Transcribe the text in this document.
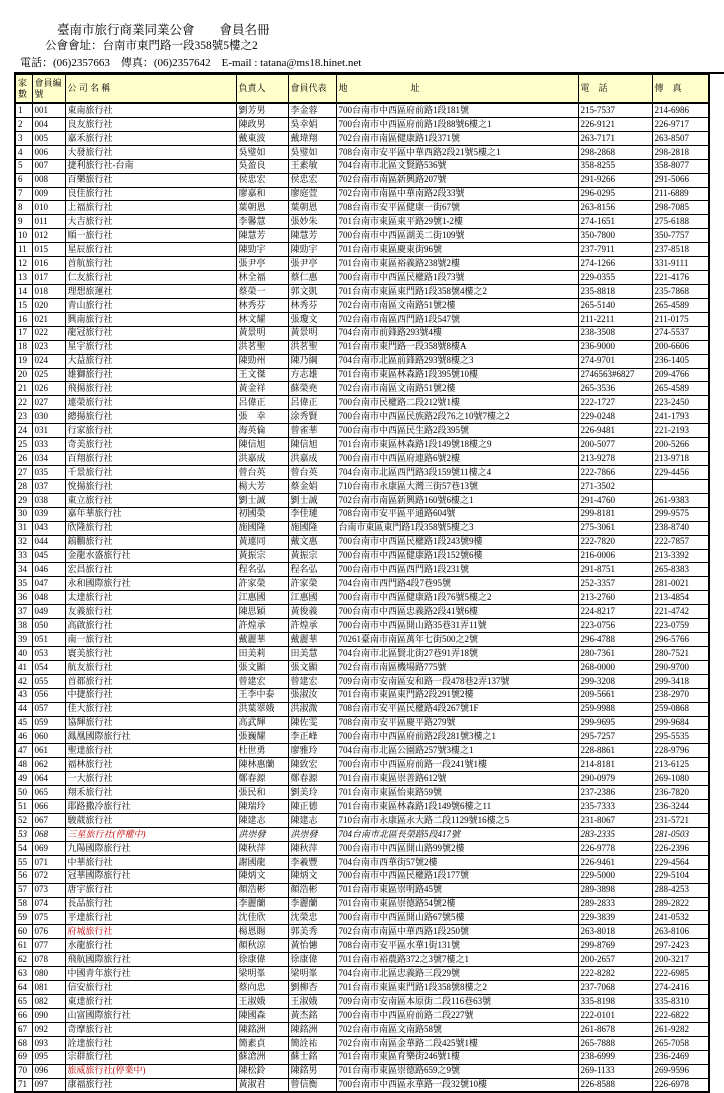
臺南市旅行商業同業公會　　會員名冊
公會會址：台南市東門路一段358號5樓之2
電話：(06)2357663　傳真：(06)2357642　E-mail : tatana@ms18.hinet.net
家數	會員編號	公 司 名 稱	負責人	會員代表	地　　　　　　　址	電　話	傳　真
1	001	東南旅行社	劉芳男	李金蓉	700台南市中西區府前路1段181號	215-7537	214-6986
2	004	良友旅行社	陳政男	吳幸娟	700台南市中西區府前路1段88號6樓之1	226-9121	226-9717
3	005	嘉禾旅行社	戴東波	戴瑋翔	702台南市南區健康路1段371號	263-7171	263-8507
4	006	大發旅行社	吳璧如	吳璧如	708台南市安平區中華西路2段21號5樓之1	298-2868	298-2818
5	007	捷利旅行社-台南	吳盈良	王素敏	704台南市北區文賢路536號	358-8255	358-8077
6	008	百樂旅行社	侯忠宏	侯忠宏	702台南市南區新興路207號	291-9266	291-5066
7	009	良佳旅行社	廖嘉和	廖庭萱	702台南市南區中華南路2段33號	296-0295	211-6889
8	010	上福旅行社	葉朝恩	葉朝恩	708台南市安平區健康一街67號	263-8156	298-7085
9	011	大吉旅行社	李馨慧	張妙朱	701台南市東區東平路29號1-2樓	274-1651	275-6188
10	012	順一旅行社	陳慧芳	陳慧芳	700台南市中西區湖美二街109號	350-7800	350-7757
11	015	星辰旅行社	陳勁宇	陳勁宇	701台南市東區慶東街96號	237-7911	237-8518
12	016	首航旅行社	張尹亭	張尹亭	701台南市東區裕義路238號2樓	274-1266	331-9111
13	017	仁友旅行社	林全福	蔡仁惠	700台南市中西區民權路1段73號	229-0355	221-4176
14	018	理想旅運社	蔡榮一	郭文凱	701台南市東區東門路1段358號4樓之2	235-8818	235-7868
15	020	青山旅行社	林秀芬	林秀芬	702台南市南區文南路51號2樓	265-5140	265-4589
16	021	興南旅行社	林文耀	張瓊文	702台南市南區西門路1段547號	211-2211	211-0175
17	022	龍冠旅行社	黃景明	黃景明	704台南市前鋒路293號4樓	238-3508	274-5537
18	023	星宇旅行社	洪茗聖	洪茗聖	701台南市東門路一段358號8樓A	236-9000	200-6606
19	024	大益旅行社	陳勁州	陳乃綱	704台南市北區前鋒路293號8樓之3	274-9701	236-1405
20	025	雄獅旅行社	王文傑	方志雄	701台南市東區林森路1段395號10樓	2746563#6827	209-4766
21	026	飛揚旅行社	黃金祥	蘇榮堯	702台南市南區文南路51號2樓	265-3536	265-4589
22	027	連榮旅行社	呂偉正	呂偉正	700台南市民權路二段212號1樓	222-1727	223-2450
23	030	總揚旅行社	張　幸	涂秀賢	700台南市中西區民族路2段76之10號7樓之2	229-0248	241-1793
24	031	行家旅行社	海英倫	曾雀華	700台南市中西區民生路2段395號	226-9481	221-2193
25	033	奇美旅行社	陳信旭	陳信旭	701台南市東區林森路1段149號18樓之9	200-5077	200-5266
26	034	百翔旅行社	洪嘉成	洪嘉成	700台南市中西區府連路6號2樓	213-9278	213-9718
27	035	千景旅行社	曾台英	曾台英	704台南市北區西門路3段159號11樓之4	222-7866	229-4456
28	037	悅揚旅行社	楊大芳	蔡金娟	710台南市永康區大灣三街57巷13號	271-3502	
29	038	東立旅行社	劉士誠	劉士誠	702台南市南區新興路160號6樓之1	291-4760	261-9383
30	039	嘉年華旅行社	初國榮	李佳璉	708台南市安平區平通路604號	299-8181	299-9575
31	043	欣隆旅行社	施國隆	施國隆	台南市東區東門路1段358號5樓之3	275-3061	238-8740
32	044	鎢鵬旅行社	黃連同	戴文惠	700台南市中西區民權路1段243號9樓	222-7820	222-7857
33	045	金龍水盛旅行社	黃振宗	黃振宗	700台南市中西區健康路1段152號6樓	216-0006	213-3392
34	046	宏昌旅行社	程名弘	程名弘	700台南市中西區西門路1段231號	291-8751	265-8383
35	047	永和國際旅行社	許家榮	許家榮	704台南市西門路4段7巷95號	252-3357	281-0021
36	048	太達旅行社	江惠國	江惠國	700台南市中西區健康路1段76號5樓之2	213-2760	213-4854
37	049	友義旅行社	陳思穎	黃俊義	700台南市中西區忠義路2段41號6樓	224-8217	221-4742
38	050	高啟旅行社	許煌承	許煌承	700台南市中西區開山路35巷31弄11號	223-0756	223-0759
39	051	南一旅行社	戴麗華	戴麗華	70261臺南市南區萬年七街500之2號	296-4788	296-5766
40	053	寰美旅行社	田美莉	田美慧	704台南市北區賢北街27巷91弄18號	280-7361	280-7521
41	054	航友旅行社	張文顯	張文顯	702台南市南區機場路775號	268-0000	290-9700
42	055	首都旅行社	曾建宏	曾建宏	709台南市安南區安和路一段478巷2弄137號	299-3208	299-3418
43	056	中捷旅行社	王李中泰	張淑汝	701台南市東區東門路2段291號2樓	209-5661	238-2970
44	057	佳大旅行社	洪葉翠娥	洪淑溦	708台南市安平區民權路4段267號1F	259-9988	259-0868
45	059	協輝旅行社	高武輝	陳佐雯	708台南市安平區慶平路279號	299-9695	299-9684
46	060	鳳凰國際旅行社	張巍耀	李正峰	700台南市中西區府前路2段281號3樓之1	295-7257	295-5535
47	061	聖達旅行社	杜世勇	廖雅玲	704台南市北區公園路257號3樓之1	228-8861	228-9796
48	062	福林旅行社	陳林惠蘭	陳致宏	700台南市中西區府前路一段241號1樓	214-8181	213-6125
49	064	一大旅行社	鄭春源	鄭春源	701台南市東區崇善路612號	290-0979	269-1080
50	065	翔禾旅行社	張民和	劉美玲	701台南市東區怡東路59號	237-2386	236-7820
51	066	耶路撒冷旅行社	陳瑞玲	陳正德	701台南市東區林森路1段149號6樓之11	235-7333	236-3244
52	067	駿葳旅行社	陳建志	陳建志	710台南市永康區永大路二段1129號16樓之5	231-8067	231-5721
53	068	三星旅行社(停權中)	洪崇發	洪崇發	704台南市北區長榮路5段417號	283-2335	281-0503
54	069	九陽國際旅行社	陳秋萍	陳秋萍	700台南市中西區開山路99號2樓	226-9778	226-2396
55	071	中華旅行社	謝國龍	李羲豐	704台南市西華街57號2樓	226-9461	229-4564
56	072	冠華國際旅行社	陳炳文	陳炳文	700台南市中西區民權路1段177號	229-5000	229-5104
57	073	唐宇旅行社	顏浩彬	顏浩彬	701台南市東區崇明路45號	289-3898	288-4253
58	074	長品旅行社	李麗蘭	李麗蘭	701台南市東區崇德路54號2樓	289-2833	289-2822
59	075	平達旅行社	沈佳欣	沈榮忠	700台南市中西區開山路67號5樓	229-3839	241-0532
60	076	府城旅行社	楊恩賜	郭美秀	702台南市南區中華西路1段250號	263-8018	263-8106
61	077	水龍旅行社	顏秋涼	黃怡憓	708台南市安平區水華1街131號	299-8769	297-2423
62	078	飛航國際旅行社	徐康偉	徐康偉	701台南市裕農路372之3號7樓之1	200-2657	200-3217
63	080	中國青年旅行社	梁明峯	梁明峯	704台南市北區忠義路三段29號	222-8282	222-6985
64	081	信安旅行社	蔡向忠	劉柳杏	701台南市東區東門路1段358號8樓之2	237-7068	274-2416
65	082	東達旅行社	王淑娥	王淑娥	709台南市安南區本原街二段116巷63號	335-8198	335-8310
66	090	山富國際旅行社	陳國森	黃杰銘	700台南市中西區府前路二段227號	222-0101	222-6822
67	092	奇摩旅行社	陳銘洲	陳銘洲	702台南市南區文南路58號	261-8678	261-9282
68	093	詮達旅行社	簡素貞	簡詮祐	702台南市南區金華路二段425號1樓	265-7888	265-7058
69	095	宗群旅行社	蘇滄洲	蘇士銘	701台南市東區育樂街246號1樓	238-6999	236-2469
70	096	旅威旅行社(停業中)	陳松鈴	陳銘男	701台南市東區崇德路659之9號	269-1133	269-9596
71	097	康福旅行社	黃淑君	曾信衡	700台南市中西區永華路一段32號10樓	226-8588	226-6978
